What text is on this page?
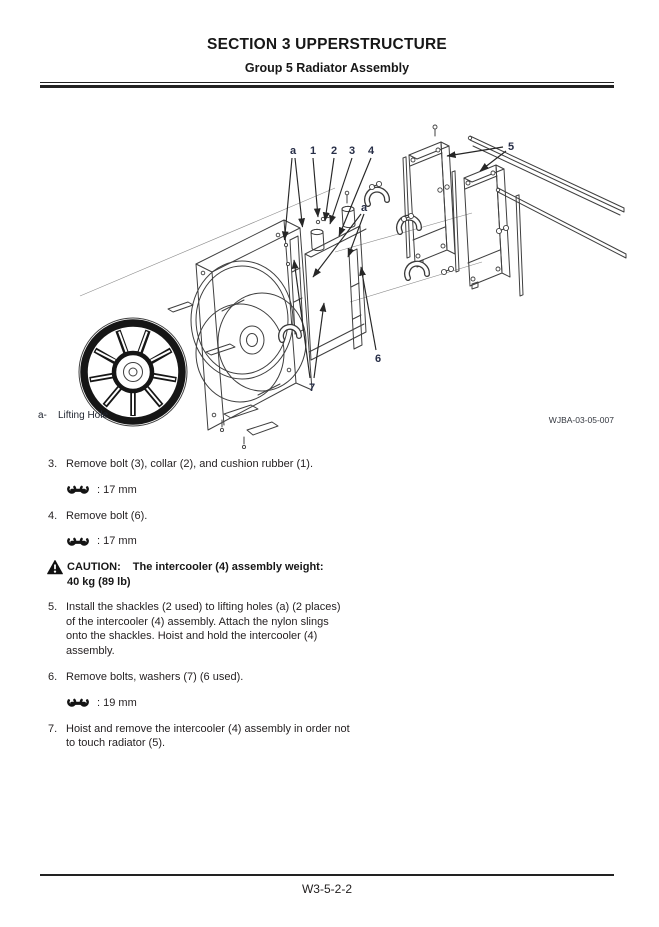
SECTION 3 UPPERSTRUCTURE
Group 5 Radiator Assembly
a 1 2 3 4
a
5
6
7
a- Lifting Hole	WJBA-03-05-007
3. Remove bolt (3), collar (2), and cushion rubber (1).
: 17 mm
4. Remove bolt (6).
: 17 mm
CAUTION: The intercooler (4) assembly weight:
40 kg (89 lb)
5. Install the shackles (2 used) to lifting holes (a) (2 places) of the intercooler (4) assembly. Attach the nylon slings onto the shackles. Hoist and hold the intercooler (4) assembly.
6. Remove bolts, washers (7) (6 used).
: 19 mm
7. Hoist and remove the intercooler (4) assembly in order not to touch radiator (5).
W3-5-2-2
